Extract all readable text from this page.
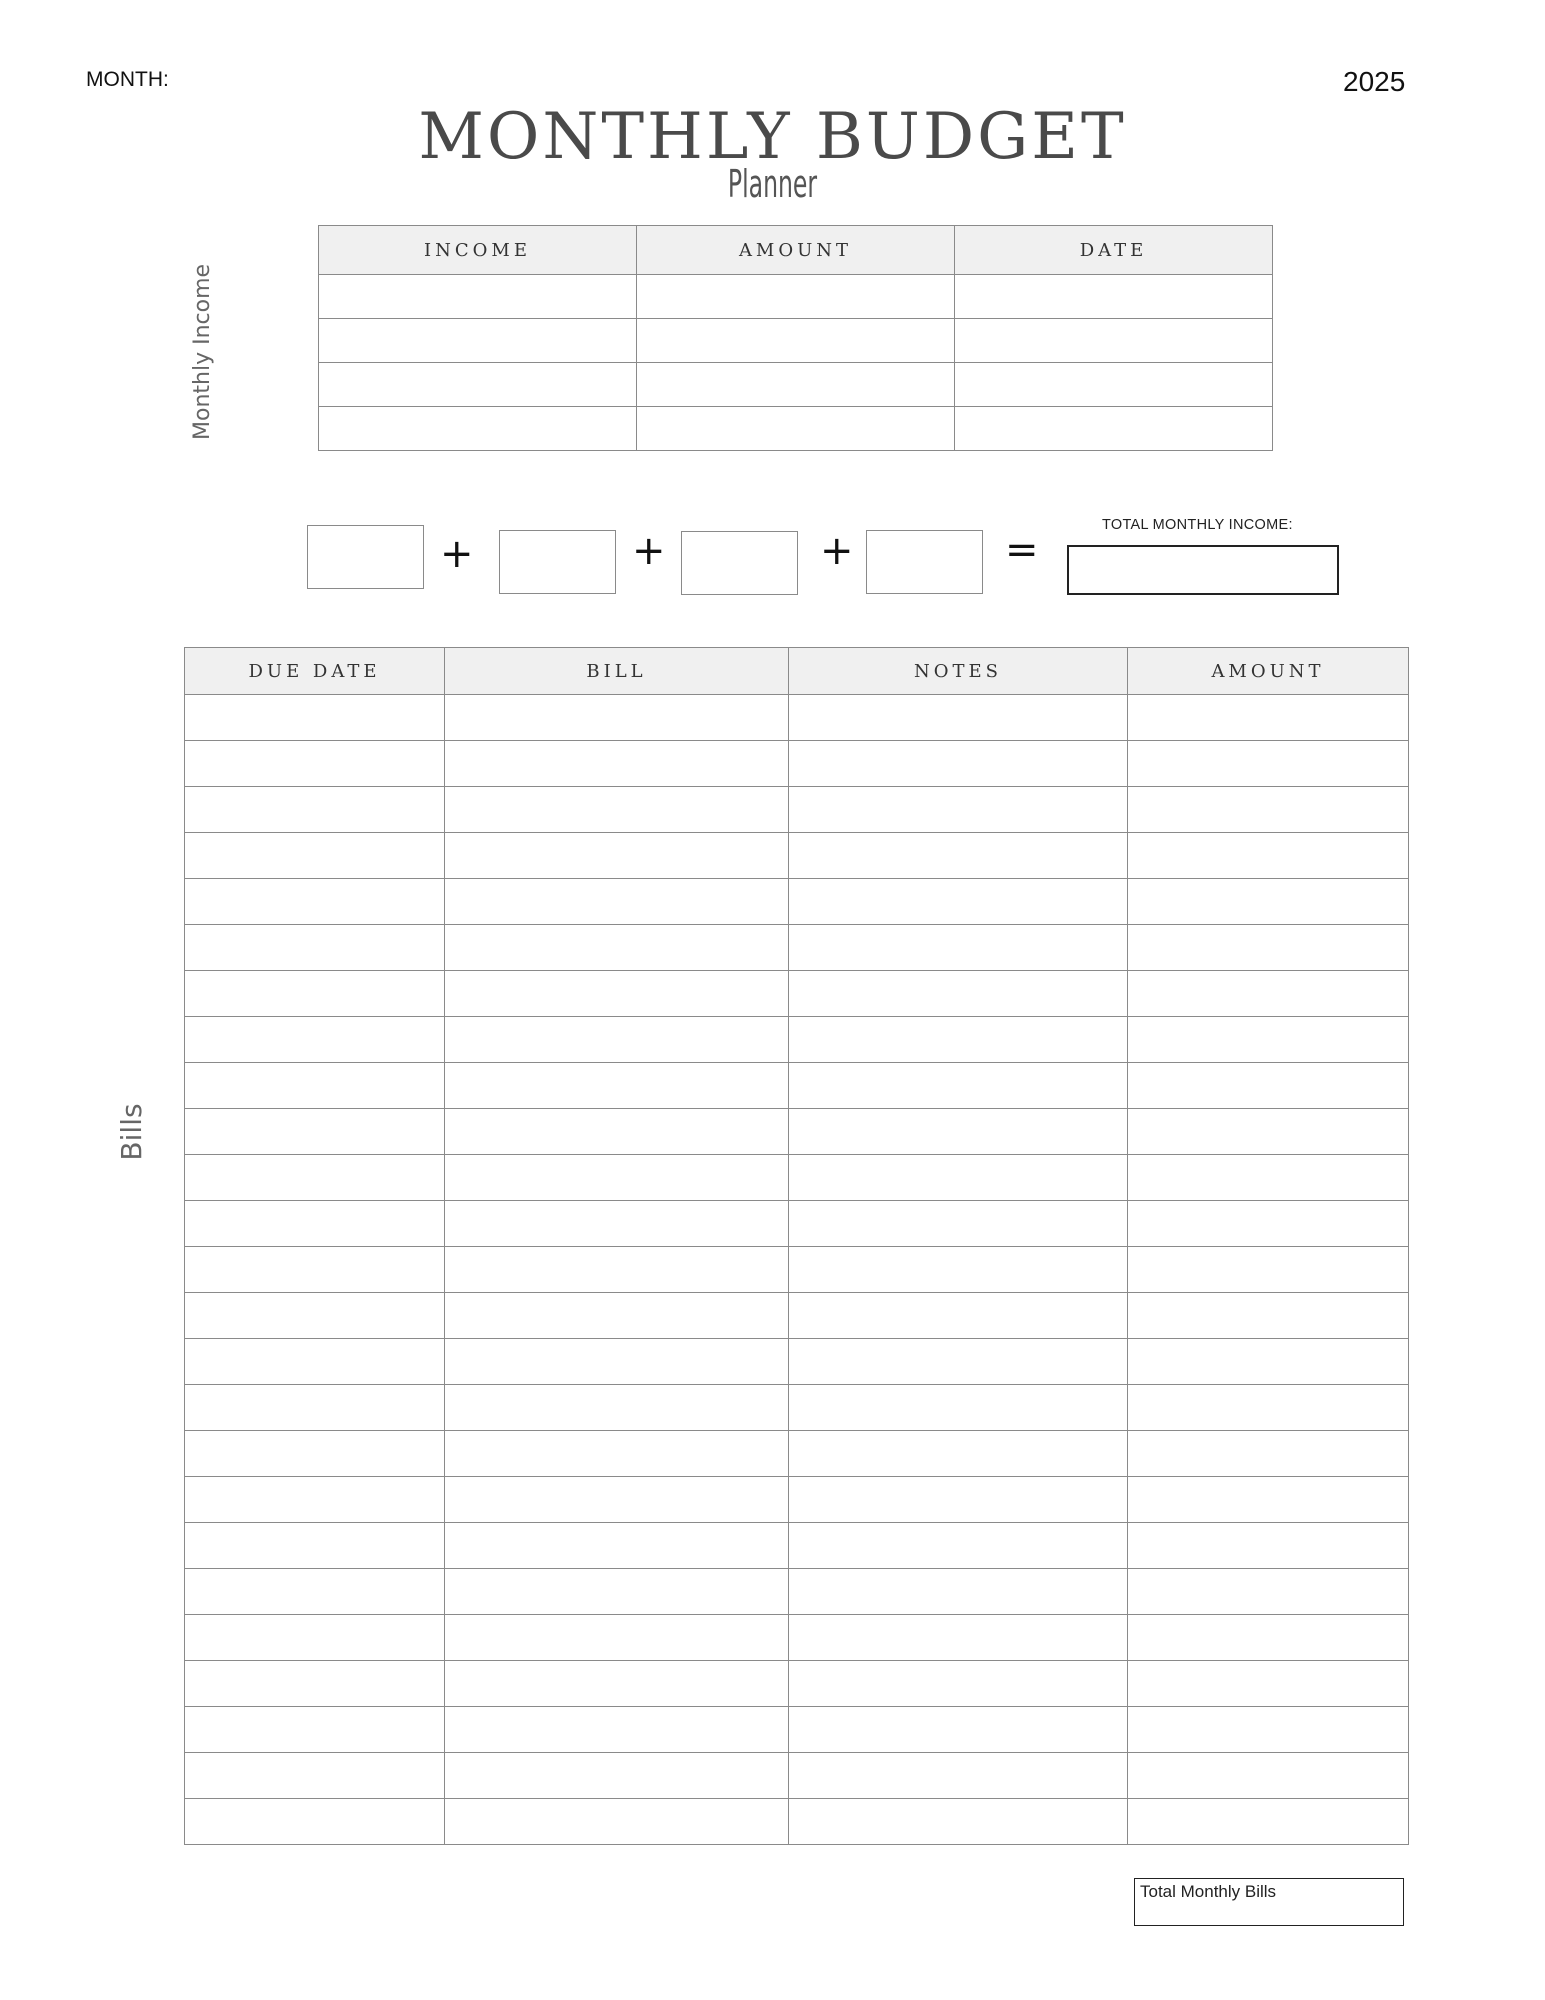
MONTH:	2025
MONTHLY BUDGET
Planner
Monthly Income
INCOME	AMOUNT	DATE

+	+	+	=
TOTAL MONTHLY INCOME:
Bills
DUE DATE	BILL	NOTES	AMOUNT

Total Monthly Bills
